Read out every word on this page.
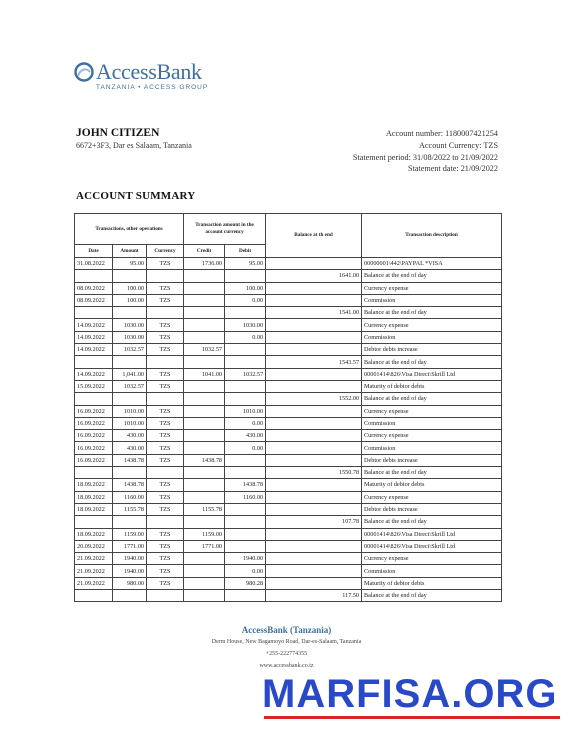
AccessBank
TANZANIA • ACCESS GROUP
JOHN CITIZEN
6672+3F3, Dar es Salaam, Tanzania
Account number: 1180007421254
Account Currency: TZS
Statement period: 31/08/2022 to 21/09/2022
Statement date: 21/09/2022
ACCOUNT SUMMARY
Transactions, other operations			Transaction amount in the account currency		Balance at th end	Transaction description
Date	Amount	Currency	Credit	Debit		
31.08.2022	95.00	TZS	1736.00	95.00		00000001\442\PAYPAL *VISA
					1641.00	Balance at the end of day
08.09.2022	100.00	TZS		100.00		Currency expense
08.09.2022	100.00	TZS		0.00		Commission
					1541.00	Balance at the end of day
14.09.2022	1030.00	TZS		1030.00		Currency expense
14.09.2022	1030.00	TZS		0.00		Commission
14.09.2022	1032.57	TZS	1032.57			Debtor debts increase
					1543.57	Balance at the end of day
14.09.2022	1,041.00	TZS	1041.00	1032.57		00001414\826\Visa Direct\Skrill Ltd
15.09.2022	1032.57	TZS				Maturity of debtor debts
					1552.00	Balance at the end of day
16.09.2022	1010.00	TZS		1010.00		Currency expense
16.09.2022	1010.00	TZS		0.00		Commission
16.09.2022	430.00	TZS		430.00		Currency expense
16.09.2022	430.00	TZS		0.00		Commission
16.09.2022	1438.78	TZS	1438.78			Debtor debts increase
					1550.78	Balance at the end of day
18.09.2022	1438.78	TZS		1438.78		Maturity of debtor debts
18.09.2022	1160.00	TZS		1160.00		Currency expense
18.09.2022	1155.78	TZS	1155.78			Debtor debts increase
					107.78	Balance at the end of day
18.09.2022	1159.00	TZS	1159.00			00001414\826\Visa Direct\Skrill Ltd
20.09.2022	1771.00	TZS	1771.00			00001414\826\Visa Direct\Skrill Ltd
21.09.2022	1940.00	TZS		1940.00		Currency expense
21.09.2022	1940.00	TZS		0.00		Commission
21.09.2022	980.00	TZS		980.28		Maturity of debtor debts
					117.50	Balance at the end of day
AccessBank (Tanzania)
Derm House, New Bagamoyo Road, Dar-es-Salaam, Tanzania
+255-222774355
www.accessbank.co.tz
MARFISA.ORG
